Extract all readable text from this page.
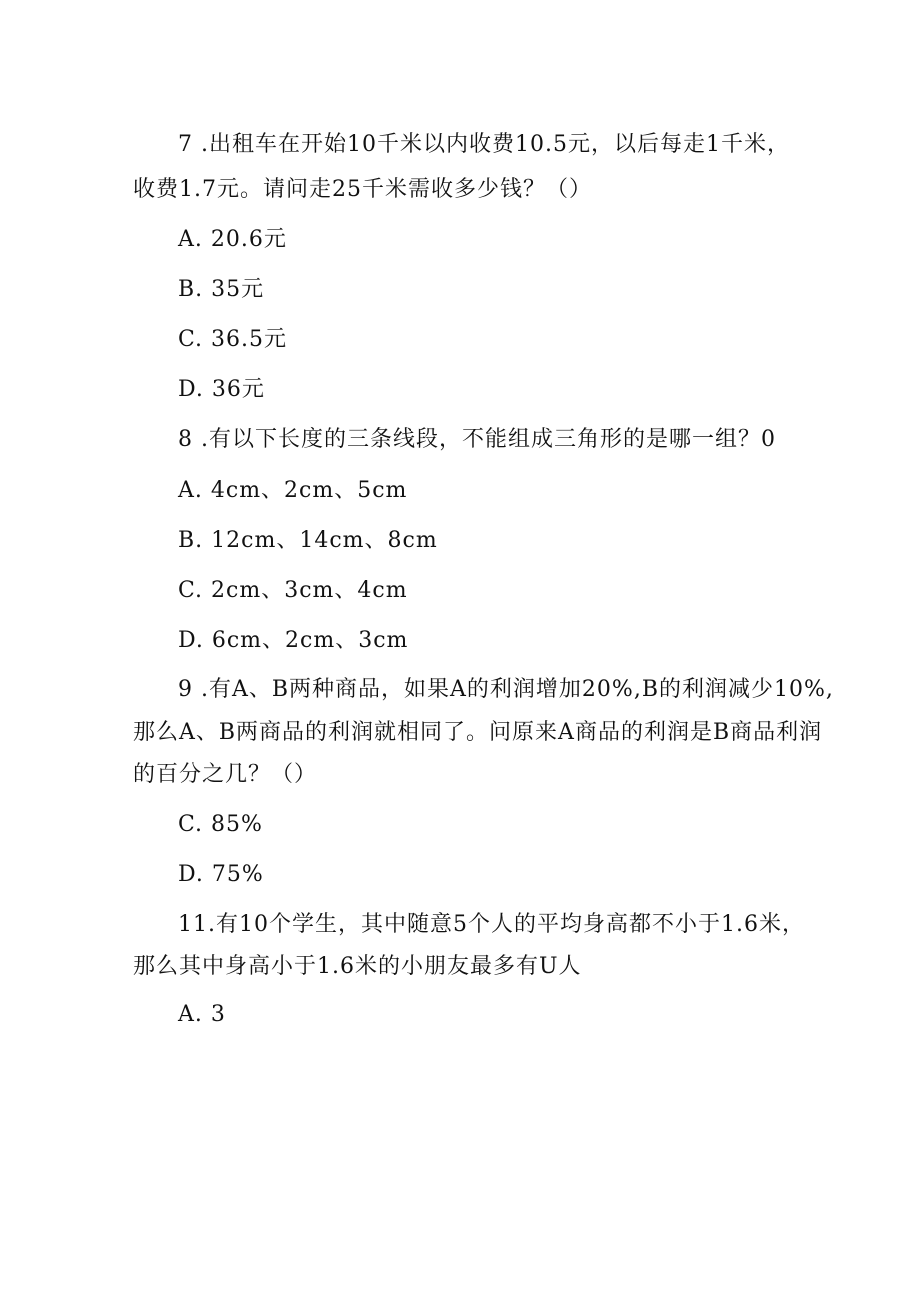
7 .出租车在开始10千米以内收费10.5元，以后每走1千米，
收费1.7元。请问走25千米需收多少钱？（）
A. 20.6元
B. 35元
C. 36.5元
D. 36元
8 .有以下长度的三条线段，不能组成三角形的是哪一组？0
A. 4cm、2cm、5cm
B. 12cm、14cm、8cm
C. 2cm、3cm、4cm
D. 6cm、2cm、3cm
9 .有A、B两种商品，如果A的利润增加20%,B的利润减少10%,
那么A、B两商品的利润就相同了。问原来A商品的利润是B商品利润
的百分之几？（）
C. 85%
D. 75%
11.有10个学生，其中随意5个人的平均身高都不小于1.6米，
那么其中身高小于1.6米的小朋友最多有U人
A. 3
